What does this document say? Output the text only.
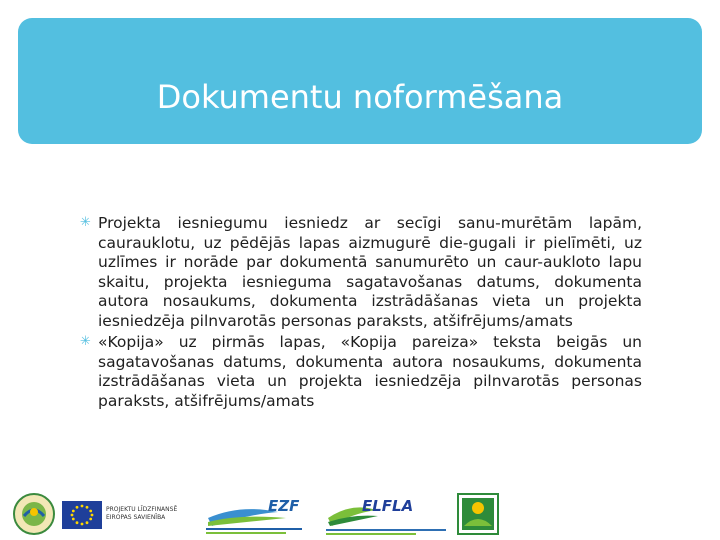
Dokumentu noformēšana
✳ Projekta iesniegumu iesniedz ar secīgi sanu-murētām lapām, caurauklotu, uz pēdējās lapas aizmugurē die-gugali ir pielīmēti, uz uzlīmes ir norāde par dokumentā sanumurēto un caur-aukloto lapu skaitu, projekta iesnieguma sagatavošanas datums, dokumenta autora nosaukums, dokumenta izstrādāšanas vieta un projekta iesniedzēja pilnvarotās personas paraksts, atšifrējums/amats
✳ «Kopija» uz pirmās lapas, «Kopija pareiza» teksta beigās un sagatavošanas datums, dokumenta autora nosaukums, dokumenta izstrādāšanas vieta un projekta iesniedzēja pilnvarotās personas paraksts, atšifrējums/amats
PROJEKTU LĪDZFINANSĒ
EIROPAS SAVIENĪBA
EZF	ELFLA
